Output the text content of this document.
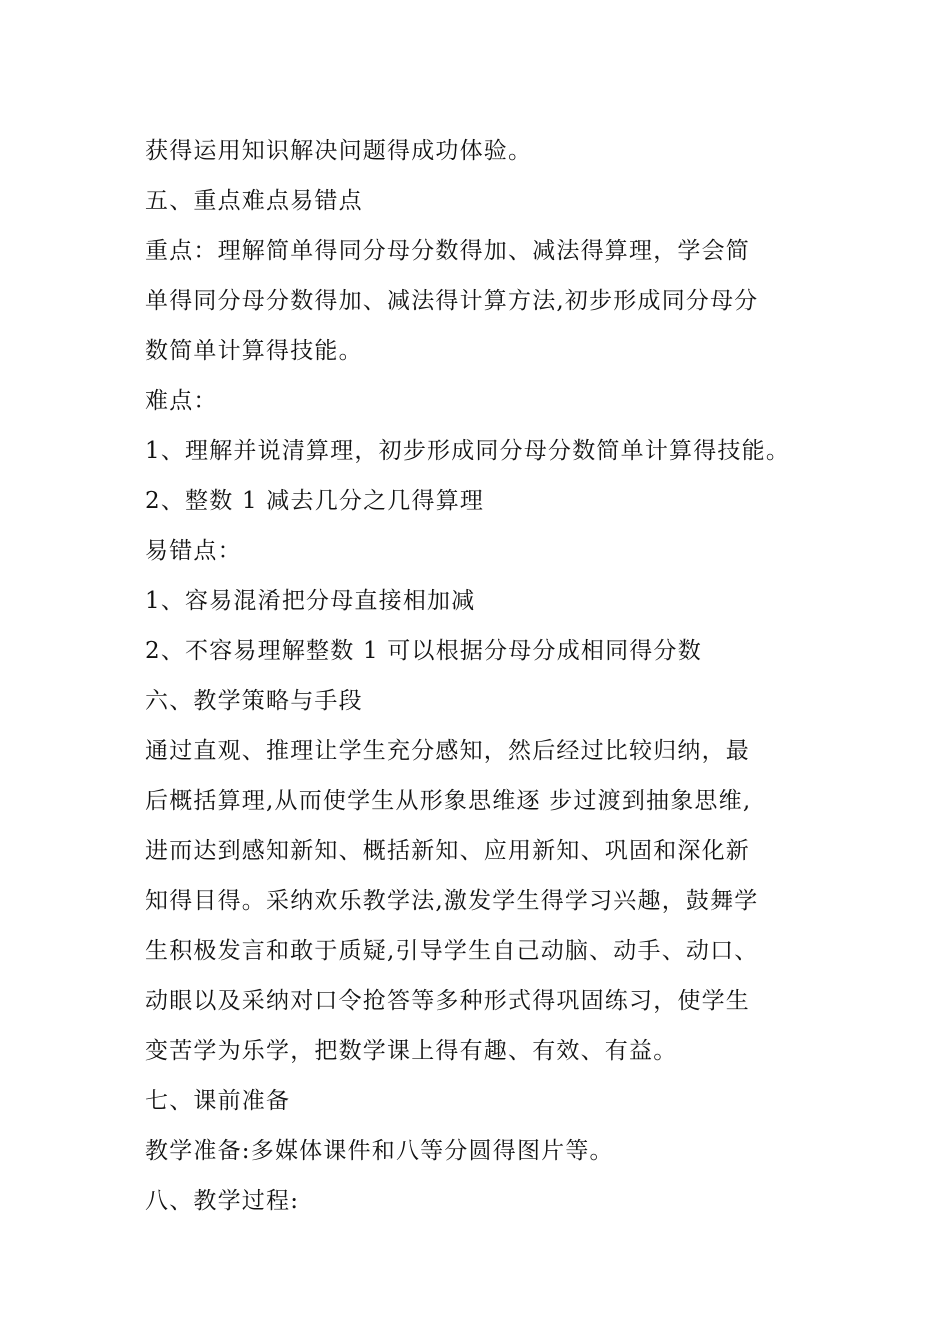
获得运用知识解决问题得成功体验。
五、重点难点易错点
重点：理解简单得同分母分数得加、减法得算理，学会简
单得同分母分数得加、减法得计算方法,初步形成同分母分
数简单计算得技能。
难点：
1、理解并说清算理，初步形成同分母分数简单计算得技能。
2、整数 1 减去几分之几得算理
易错点：
1、容易混淆把分母直接相加减
2、不容易理解整数 1 可以根据分母分成相同得分数
六、教学策略与手段
通过直观、推理让学生充分感知，然后经过比较归纳，最
后概括算理,从而使学生从形象思维逐 步过渡到抽象思维,
进而达到感知新知、概括新知、应用新知、巩固和深化新
知得目得。采纳欢乐教学法,激发学生得学习兴趣，鼓舞学
生积极发言和敢于质疑,引导学生自己动脑、动手、动口、
动眼以及采纳对口令抢答等多种形式得巩固练习，使学生
变苦学为乐学，把数学课上得有趣、有效、有益。
七、课前准备
教学准备:多媒体课件和八等分圆得图片等。
八、教学过程:
